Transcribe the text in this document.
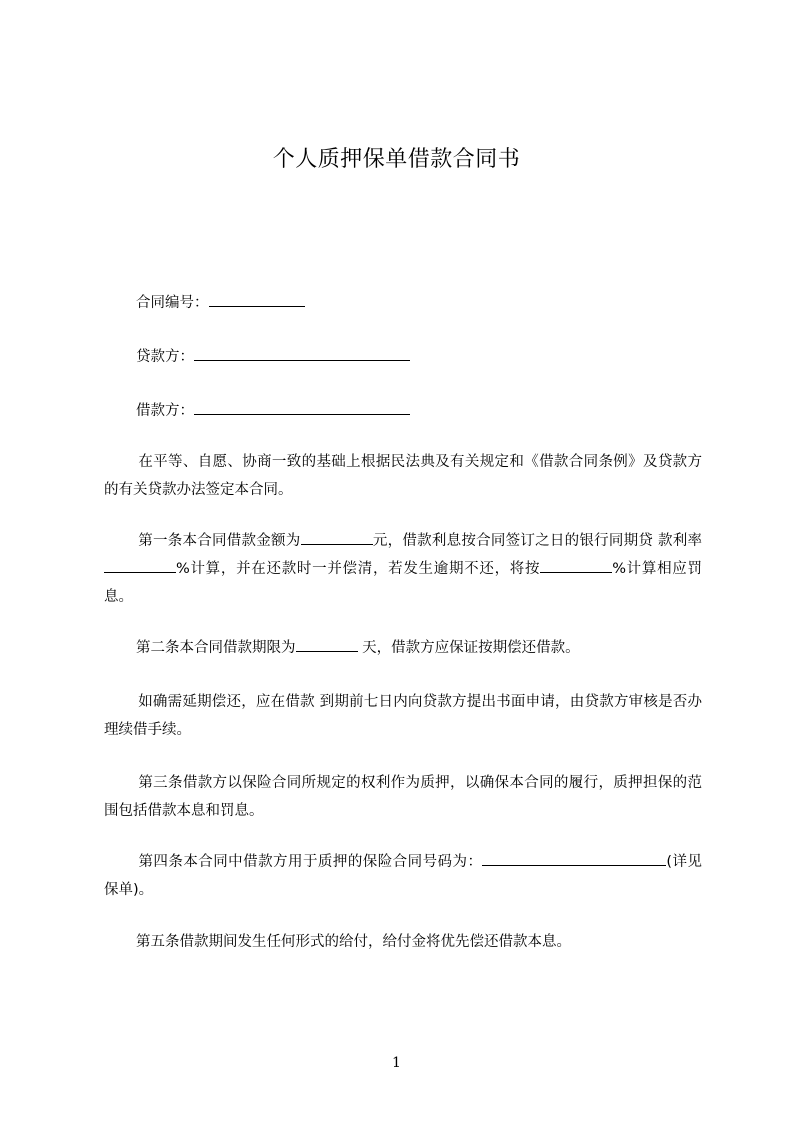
个人质押保单借款合同书
合同编号：
贷款方：
借款方：

在平等、自愿、协商一致的基础上根据民法典及有关规定和《借款合同条例》及贷款方的有关贷款办法签定本合同。

第一条本合同借款金额为	元，借款利息按合同签订之日的银行同期贷 款利率%计算，并在还款时一并偿清，若发生逾期不还，将按	%计算相应罚息。

第二条本合同借款期限为	天，借款方应保证按期偿还借款。

如确需延期偿还，应在借款 到期前七日内向贷款方提出书面申请，由贷款方审核是否办理续借手续。

第三条借款方以保险合同所规定的权利作为质押，以确保本合同的履行，质押担保的范围包括借款本息和罚息。

第四条本合同中借款方用于质押的保险合同号码为：	(详见保单)。

第五条借款期间发生任何形式的给付，给付金将优先偿还借款本息。

1
